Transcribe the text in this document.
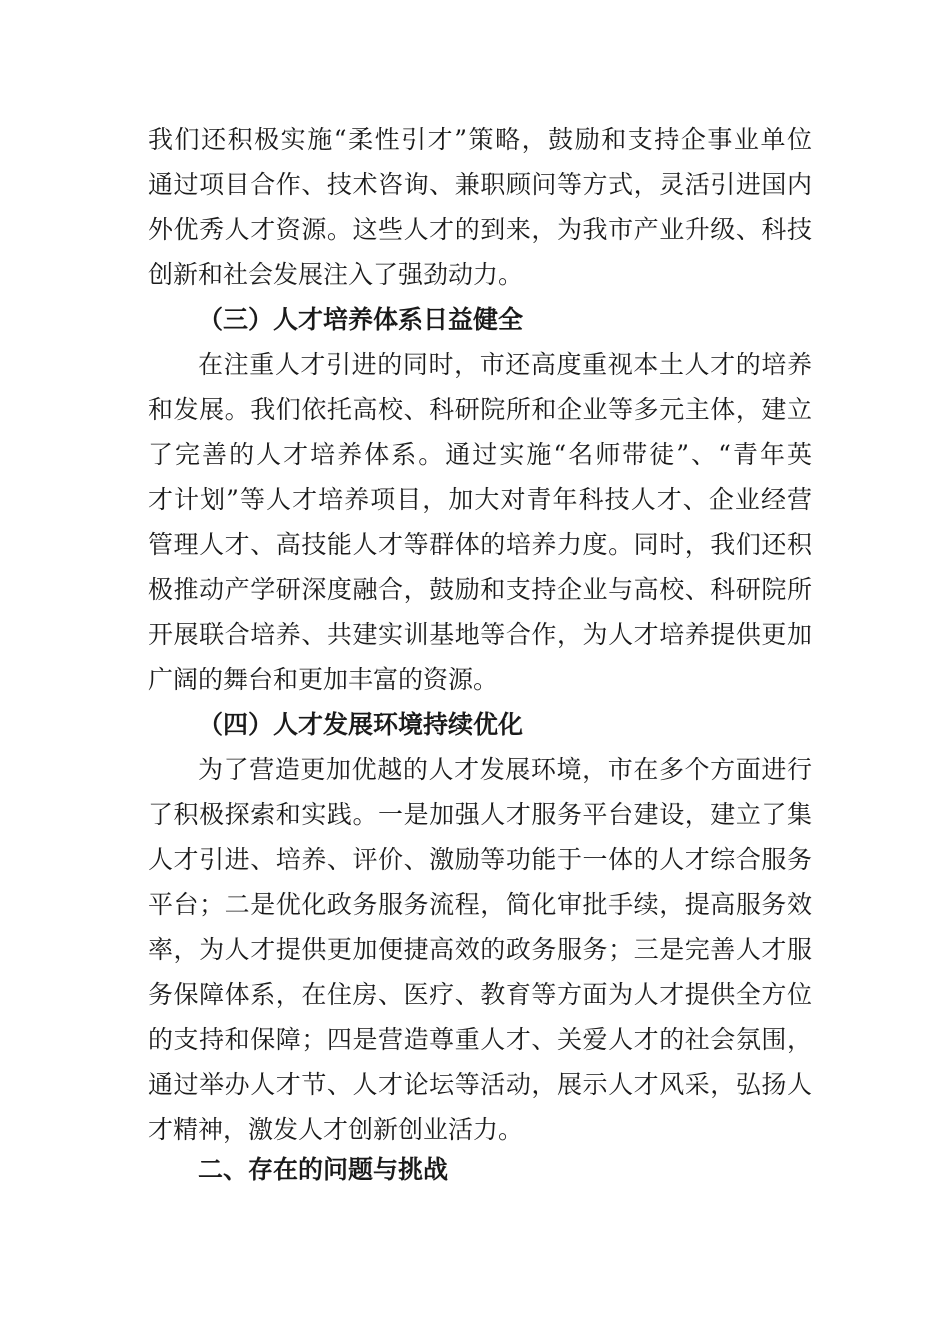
我们还积极实施“柔性引才”策略，鼓励和支持企事业单位
通过项目合作、技术咨询、兼职顾问等方式，灵活引进国内
外优秀人才资源。这些人才的到来，为我市产业升级、科技
创新和社会发展注入了强劲动力。
（三）人才培养体系日益健全
在注重人才引进的同时，市还高度重视本土人才的培养
和发展。我们依托高校、科研院所和企业等多元主体，建立
了完善的人才培养体系。通过实施“名师带徒”、“青年英
才计划”等人才培养项目，加大对青年科技人才、企业经营
管理人才、高技能人才等群体的培养力度。同时，我们还积
极推动产学研深度融合，鼓励和支持企业与高校、科研院所
开展联合培养、共建实训基地等合作，为人才培养提供更加
广阔的舞台和更加丰富的资源。
（四）人才发展环境持续优化
为了营造更加优越的人才发展环境，市在多个方面进行
了积极探索和实践。一是加强人才服务平台建设，建立了集
人才引进、培养、评价、激励等功能于一体的人才综合服务
平台；二是优化政务服务流程，简化审批手续，提高服务效
率，为人才提供更加便捷高效的政务服务；三是完善人才服
务保障体系，在住房、医疗、教育等方面为人才提供全方位
的支持和保障；四是营造尊重人才、关爱人才的社会氛围，
通过举办人才节、人才论坛等活动，展示人才风采，弘扬人
才精神，激发人才创新创业活力。
二、存在的问题与挑战
